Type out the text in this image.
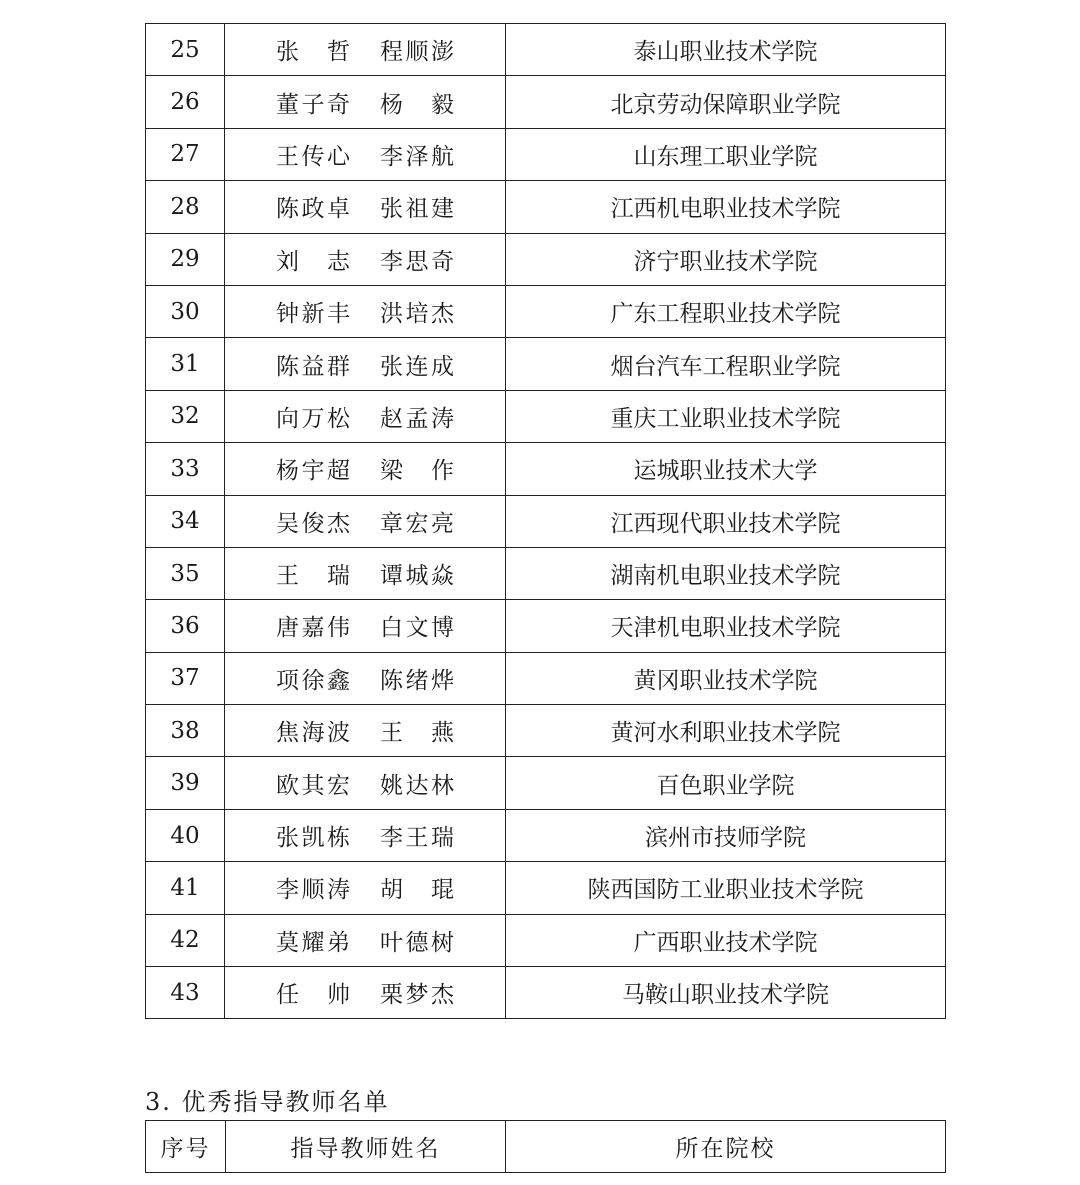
25	张　哲 程顺澎	泰山职业技术学院
26	董子奇 杨　毅	北京劳动保障职业学院
27	王传心 李泽航	山东理工职业学院
28	陈政卓 张祖建	江西机电职业技术学院
29	刘　志 李思奇	济宁职业技术学院
30	钟新丰 洪培杰	广东工程职业技术学院
31	陈益群 张连成	烟台汽车工程职业学院
32	向万松 赵孟涛	重庆工业职业技术学院
33	杨宇超 梁　作	运城职业技术大学
34	吴俊杰 章宏亮	江西现代职业技术学院
35	王　瑞 谭城焱	湖南机电职业技术学院
36	唐嘉伟 白文博	天津机电职业技术学院
37	项徐鑫 陈绪烨	黄冈职业技术学院
38	焦海波 王　燕	黄河水利职业技术学院
39	欧其宏 姚达林	百色职业学院
40	张凯栋 李王瑞	滨州市技师学院
41	李顺涛 胡　琨	陕西国防工业职业技术学院
42	莫耀弟 叶德树	广西职业技术学院
43	任　帅 栗梦杰	马鞍山职业技术学院
3. 优秀指导教师名单
序号	指导教师姓名	所在院校
